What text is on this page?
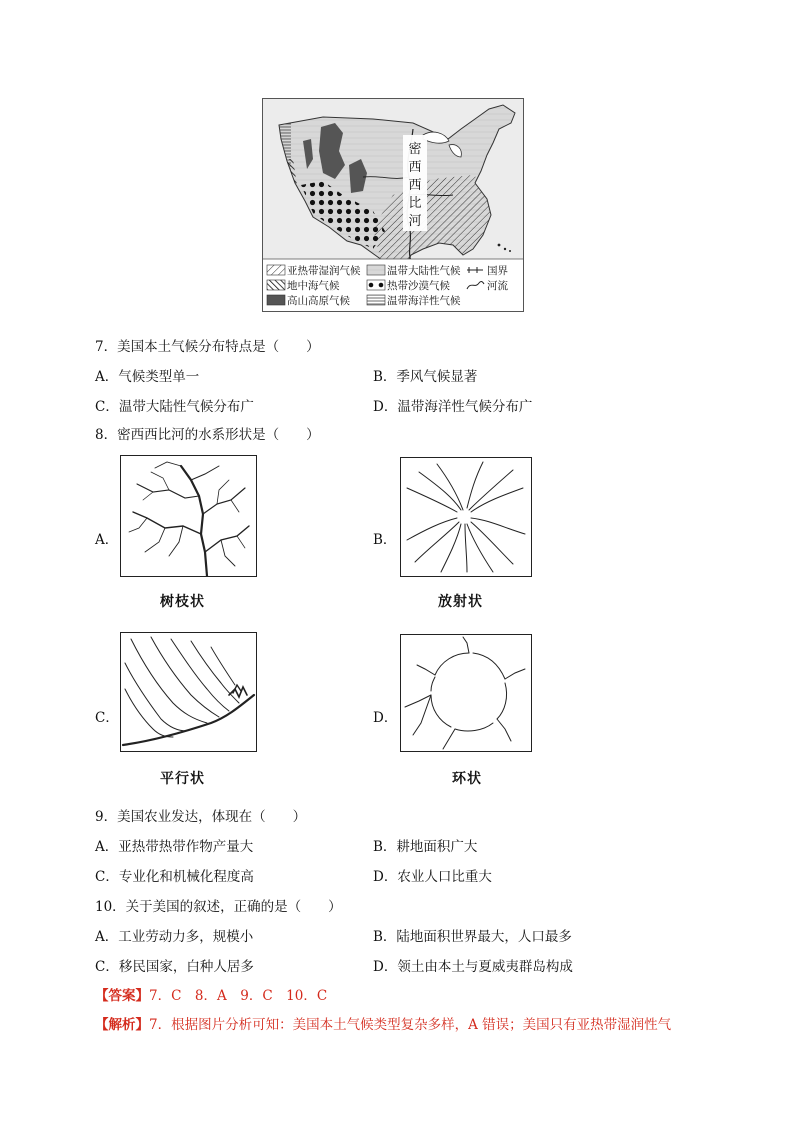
密
西
西
比
河
亚热带湿润气候	温带大陆性气候	国界
地中海气候	热带沙漠气候	河流
高山高原气候	温带海洋性气候
7．美国本土气候分布特点是（　　）
A．气候类型单一	B．季风气候显著
C．温带大陆性气候分布广	D．温带海洋性气候分布广
8．密西西比河的水系形状是（　　）
A．
树枝状
B．
放射状
C．
平行状
D．
环状
9．美国农业发达，体现在（　　）
A．亚热带热带作物产量大	B．耕地面积广大
C．专业化和机械化程度高	D．农业人口比重大
10．关于美国的叙述，正确的是（　　）
A．工业劳动力多，规模小	B．陆地面积世界最大，人口最多
C．移民国家，白种人居多	D．领土由本土与夏威夷群岛构成
【答案】7．C　8．A　9．C　10．C
【解析】7．根据图片分析可知：美国本土气候类型复杂多样，A 错误；美国只有亚热带湿润性气
